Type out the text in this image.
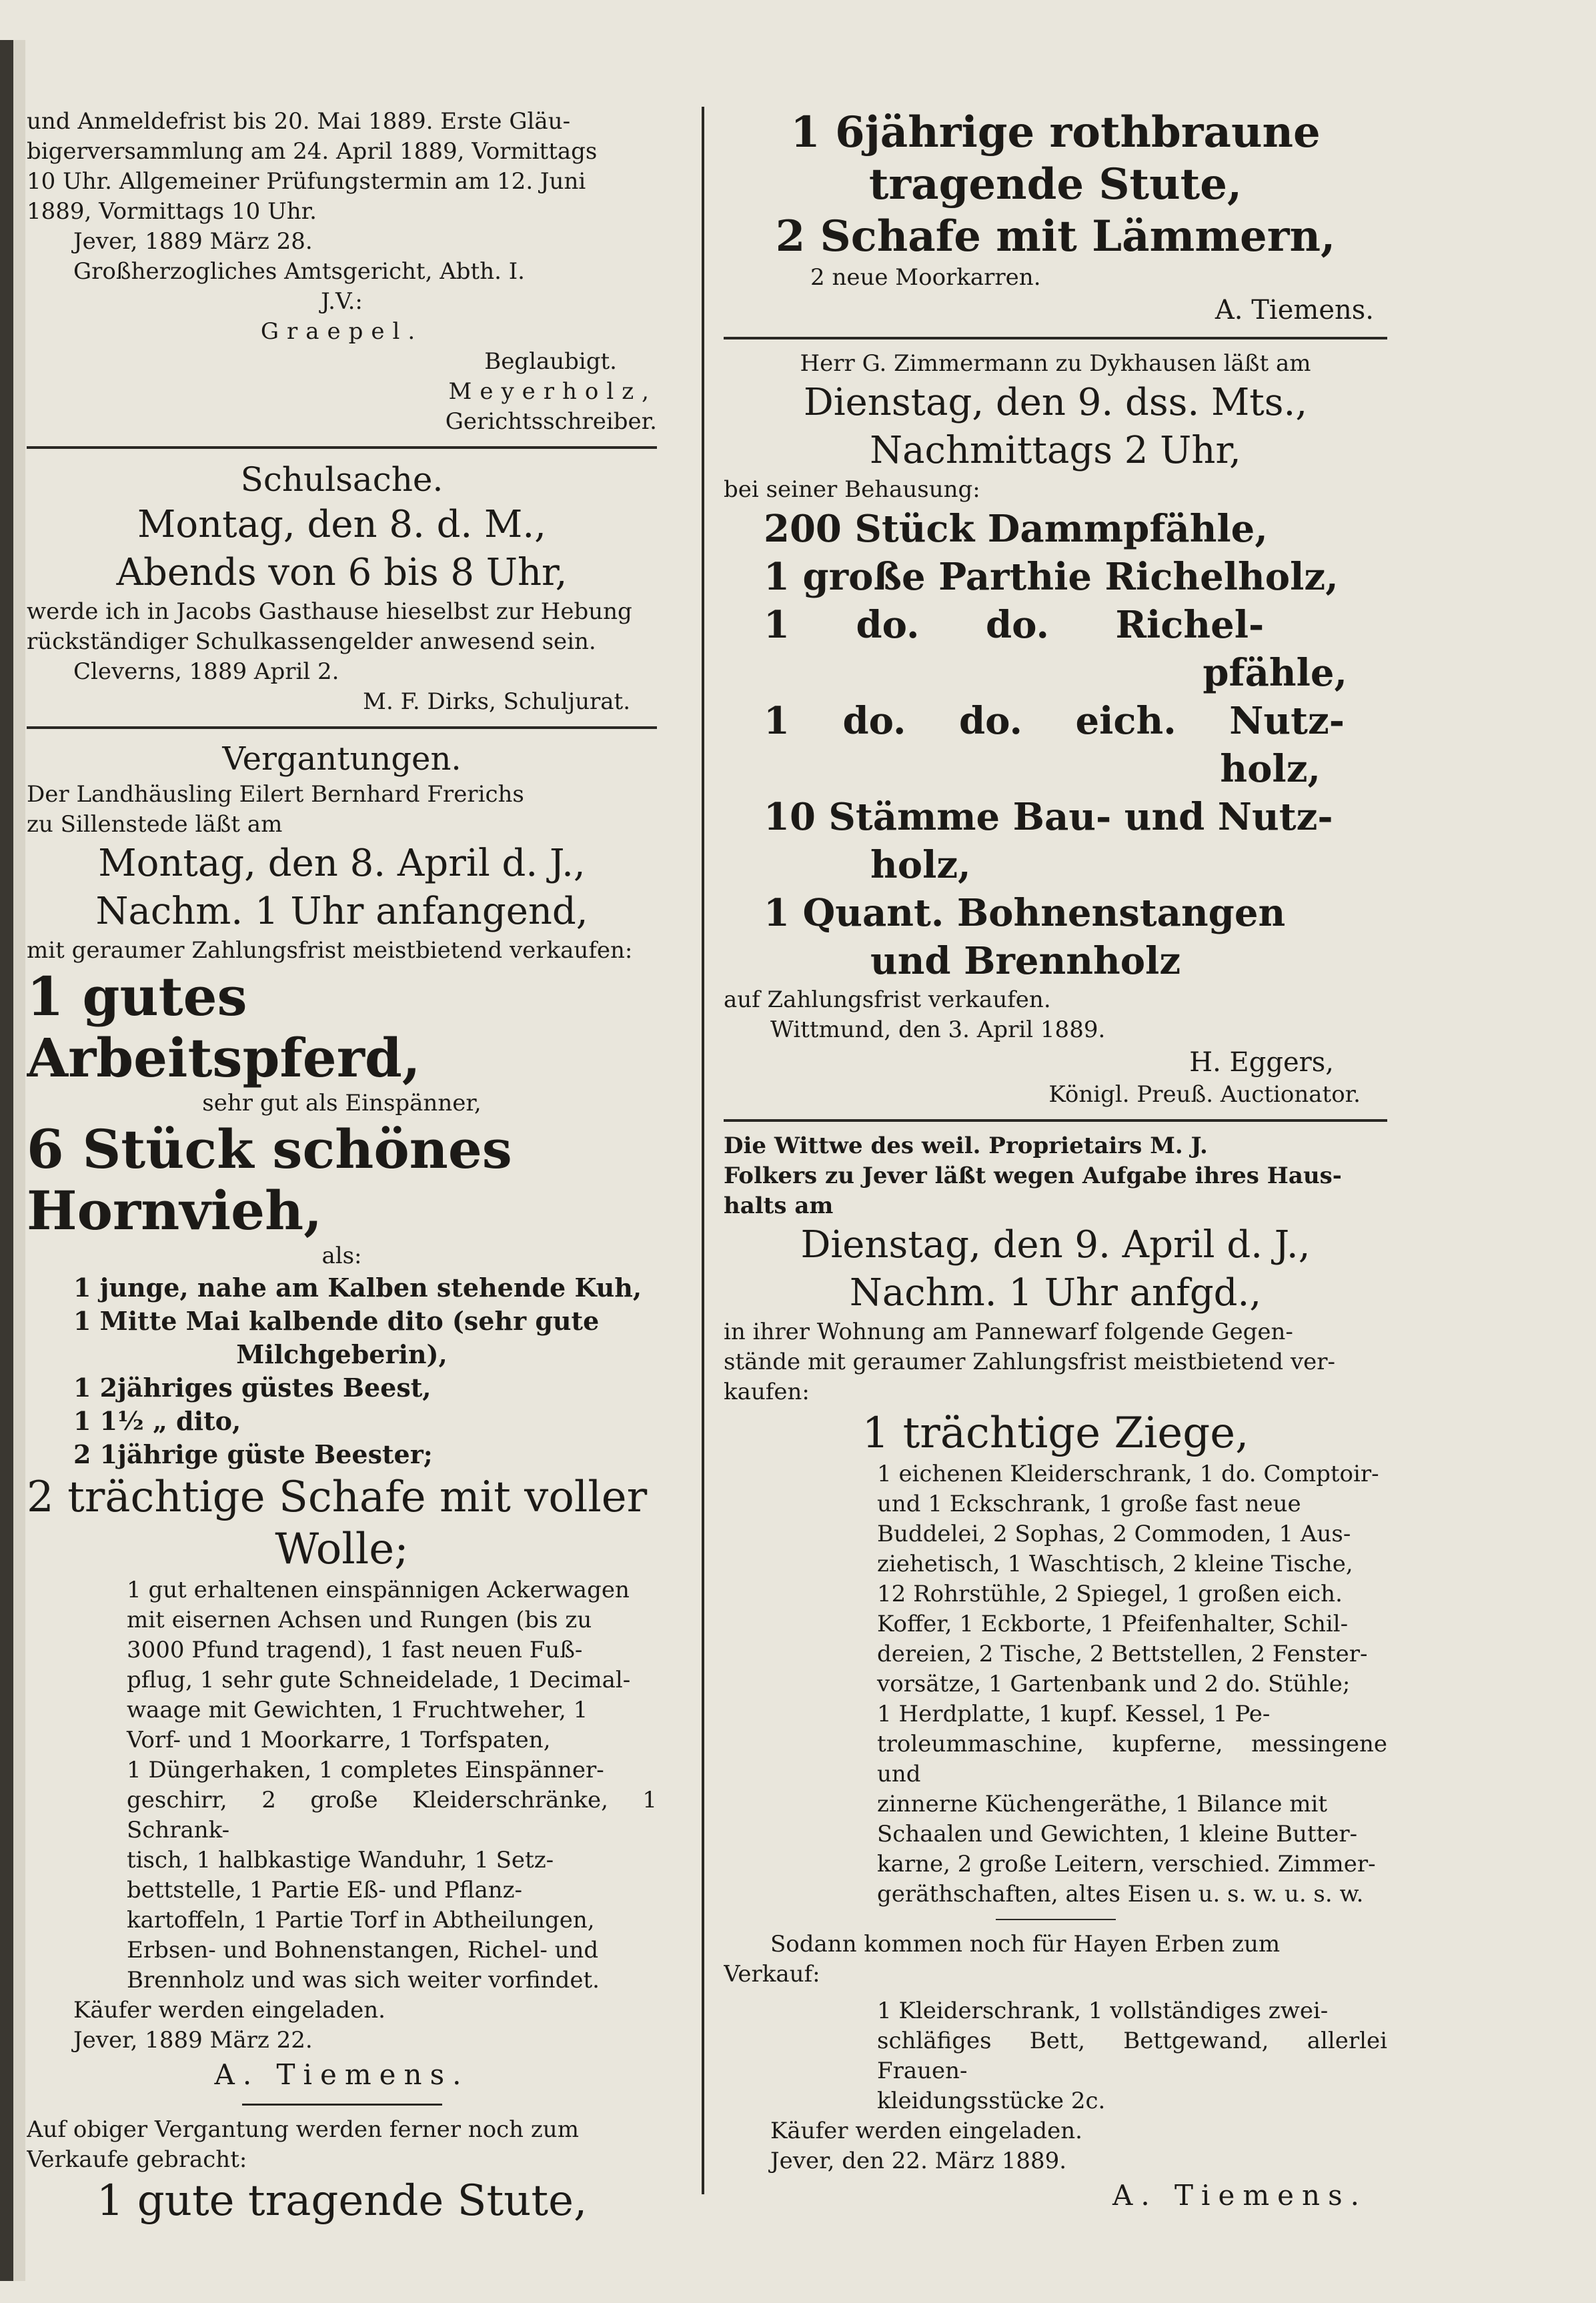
und Anmeldefrist bis 20. Mai 1889. Erste Gläu-

bigerversammlung am 24. April 1889, Vormittags

10 Uhr. Allgemeiner Prüfungstermin am 12. Juni

1889, Vormittags 10 Uhr.

Jever, 1889 März 28.

Großherzogliches Amtsgericht, Abth. I.

J.V.:

Graepel.

Beglaubigt.

Meyerholz,

Gerichtsschreiber.

Schulsache.

Montag, den 8. d. M.,

Abends von 6 bis 8 Uhr,

werde ich in Jacobs Gasthause hieselbst zur Hebung

rückständiger Schulkassengelder anwesend sein.

Cleverns, 1889 April 2.

M. F. Dirks, Schuljurat.

Vergantungen.

Der Landhäusling Eilert Bernhard Frerichs

zu Sillenstede läßt am

Montag, den 8. April d. J.,

Nachm. 1 Uhr anfangend,

mit geraumer Zahlungsfrist meistbietend verkaufen:

1 gutes Arbeitspferd,

sehr gut als Einspänner,

6 Stück schönes Hornvieh,

als:

1 junge, nahe am Kalben stehende Kuh,

1 Mitte Mai kalbende dito (sehr gute

Milchgeberin),

1 2jähriges güstes Beest,

1 1½ „ dito,

2 1jährige güste Beester;

2 trächtige Schafe mit voller

Wolle;

1 gut erhaltenen einspännigen Ackerwagen

mit eisernen Achsen und Rungen (bis zu

3000 Pfund tragend), 1 fast neuen Fuß-

pflug, 1 sehr gute Schneidelade, 1 Decimal-

waage mit Gewichten, 1 Fruchtweher, 1

Vorf- und 1 Moorkarre, 1 Torfspaten,

1 Düngerhaken, 1 completes Einspänner-

geschirr, 2 große Kleiderschränke, 1 Schrank-

tisch, 1 halbkastige Wanduhr, 1 Setz-

bettstelle, 1 Partie Eß- und Pflanz-

kartoffeln, 1 Partie Torf in Abtheilungen,

Erbsen- und Bohnenstangen, Richel- und

Brennholz und was sich weiter vorfindet.

Käufer werden eingeladen.

Jever, 1889 März 22.

A. Tiemens.

Auf obiger Vergantung werden ferner noch zum

Verkaufe gebracht:

1 gute tragende Stute,

1 6jährige rothbraune

tragende Stute,

2 Schafe mit Lämmern,

2 neue Moorkarren.

A. Tiemens.

Herr G. Zimmermann zu Dykhausen läßt am

Dienstag, den 9. dss. Mts.,

Nachmittags 2 Uhr,

bei seiner Behausung:

200 Stück Dammpfähle,

1 große Parthie Richelholz,

1 do. do. Richel-

pfähle,

1 do. do. eich. Nutz-

holz,

10 Stämme Bau- und Nutz-

holz,

1 Quant. Bohnenstangen

und Brennholz

auf Zahlungsfrist verkaufen.

Wittmund, den 3. April 1889.

H. Eggers,

Königl. Preuß. Auctionator.

Die Wittwe des weil. Proprietairs M. J.

Folkers zu Jever läßt wegen Aufgabe ihres Haus-

halts am

Dienstag, den 9. April d. J.,

Nachm. 1 Uhr anfgd.,

in ihrer Wohnung am Pannewarf folgende Gegen-

stände mit geraumer Zahlungsfrist meistbietend ver-

kaufen:

1 trächtige Ziege,

1 eichenen Kleiderschrank, 1 do. Comptoir-

und 1 Eckschrank, 1 große fast neue

Buddelei, 2 Sophas, 2 Commoden, 1 Aus-

ziehetisch, 1 Waschtisch, 2 kleine Tische,

12 Rohrstühle, 2 Spiegel, 1 großen eich.

Koffer, 1 Eckborte, 1 Pfeifenhalter, Schil-

dereien, 2 Tische, 2 Bettstellen, 2 Fenster-

vorsätze, 1 Gartenbank und 2 do. Stühle;

1 Herdplatte, 1 kupf. Kessel, 1 Pe-

troleummaschine, kupferne, messingene und

zinnerne Küchengeräthe, 1 Bilance mit

Schaalen und Gewichten, 1 kleine Butter-

karne, 2 große Leitern, verschied. Zimmer-

geräthschaften, altes Eisen u. s. w. u. s. w.

Sodann kommen noch für Hayen Erben zum

Verkauf:

1 Kleiderschrank, 1 vollständiges zwei-

schläfiges Bett, Bettgewand, allerlei Frauen-

kleidungsstücke 2c.

Käufer werden eingeladen.

Jever, den 22. März 1889.

A. Tiemens.
